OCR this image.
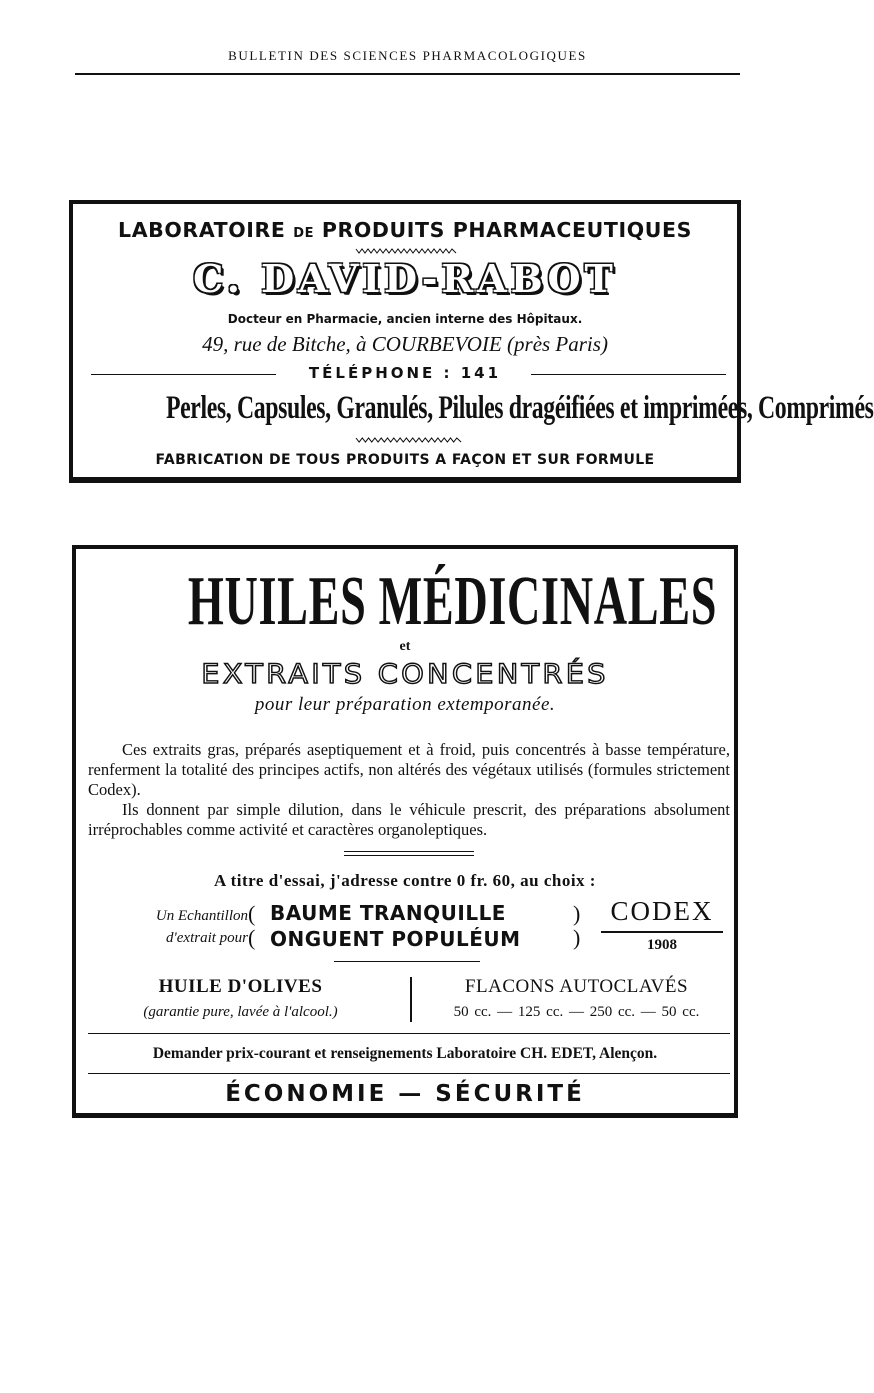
BULLETIN DES SCIENCES PHARMACOLOGIQUES
LABORATOIRE DE PRODUITS PHARMACEUTIQUES
C. DAVID-RABOT
Docteur en Pharmacie, ancien interne des Hôpitaux.
49, rue de Bitche, à COURBEVOIE (près Paris)
TÉLÉPHONE : 141
Perles, Capsules, Granulés, Pilules dragéifiées et imprimées, Comprimés
FABRICATION DE TOUS PRODUITS A FAÇON ET SUR FORMULE
HUILES MÉDICINALES
et
EXTRAITS CONCENTRÉS
pour leur préparation extemporanée.

Ces extraits gras, préparés aseptiquement et à froid, puis concentrés à basse température, renferment la totalité des principes actifs, non altérés des végétaux utilisés (formules strictement Codex).

Ils donnent par simple dilution, dans le véhicule prescrit, des préparations absolument irréprochables comme activité et caractères organoleptiques.

A titre d'essai, j'adresse contre 0 fr. 60, au choix :
Un Echantillon
d'extrait pour
(
(
BAUME TRANQUILLE
ONGUENT POPULÉUM
)
)
CODEX
1908
HUILE D'OLIVES
(garantie pure, lavée à l'alcool.)
FLACONS AUTOCLAVÉS
50 cc. — 125 cc. — 250 cc. — 50 cc.
Demander prix-courant et renseignements Laboratoire CH. EDET, Alençon.
ÉCONOMIE — SÉCURITÉ
